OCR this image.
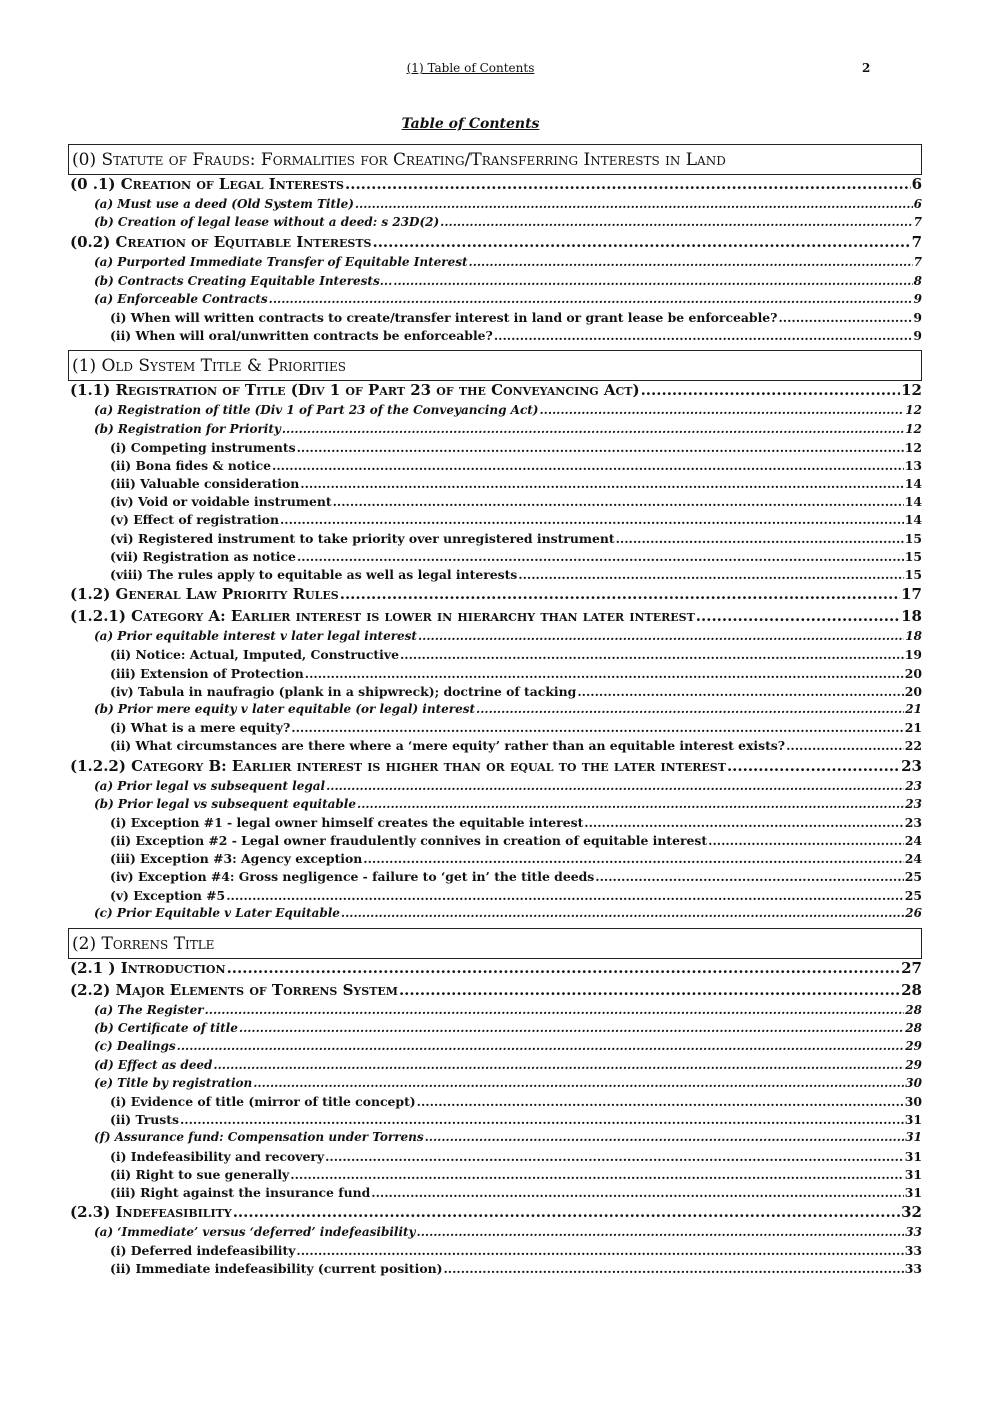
(1) Table of Contents	2
Table of Contents
(0) Statute of Frauds: Formalities for Creating/Transferring Interests in Land
(0 .1) Creation of Legal Interests .....	6
(a) Must use a deed (Old System Title) .....	6
(b) Creation of legal lease without a deed: s 23D(2) .....	7
(0.2) Creation of Equitable Interests .....	7
(a) Purported Immediate Transfer of Equitable Interest .....	7
(b) Contracts Creating Equitable Interests... .....	8
(a) Enforceable Contracts .....	9
(i) When will written contracts to create/transfer interest in land or grant lease be enforceable? .....	9
(ii) When will oral/unwritten contracts be enforceable? .....	9
(1) Old System Title & Priorities
(1.1) Registration of Title (Div 1 of Part 23 of the Conveyancing Act) .....	12
(a) Registration of title (Div 1 of Part 23 of the Conveyancing Act) .....	12
(b) Registration for Priority .....	12
(i) Competing instruments .....	12
(ii) Bona fides & notice .....	13
(iii) Valuable consideration .....	14
(iv) Void or voidable instrument .....	14
(v) Effect of registration .....	14
(vi) Registered instrument to take priority over unregistered instrument .....	15
(vii) Registration as notice .....	15
(viii) The rules apply to equitable as well as legal interests .....	15
(1.2) General Law Priority Rules .....	17
(1.2.1) Category A: Earlier interest is lower in hierarchy than later interest .....	18
(a) Prior equitable interest v later legal interest .....	18
(ii) Notice: Actual, Imputed, Constructive .....	19
(iii) Extension of Protection .....	20
(iv) Tabula in naufragio (plank in a shipwreck); doctrine of tacking .....	20
(b) Prior mere equity v later equitable (or legal) interest .....	21
(i) What is a mere equity? .....	21
(ii) What circumstances are there where a ‘mere equity’ rather than an equitable interest exists? .....	22
(1.2.2) Category B: Earlier interest is higher than or equal to the later interest .....	23
(a) Prior legal vs subsequent legal .....	23
(b) Prior legal vs subsequent equitable .....	23
(i) Exception #1 - legal owner himself creates the equitable interest .....	23
(ii) Exception #2 - Legal owner fraudulently connives in creation of equitable interest .....	24
(iii) Exception #3: Agency exception .....	24
(iv) Exception #4: Gross negligence - failure to ‘get in’ the title deeds .....	25
(v) Exception #5 .....	25
(c) Prior Equitable v Later Equitable .....	26
(2) Torrens Title
(2.1 ) Introduction .....	27
(2.2) Major Elements of Torrens System .....	28
(a) The Register .....	28
(b) Certificate of title .....	28
(c) Dealings .....	29
(d) Effect as deed .....	29
(e) Title by registration .....	30
(i) Evidence of title (mirror of title concept) .....	30
(ii) Trusts .....	31
(f) Assurance fund: Compensation under Torrens .....	31
(i) Indefeasibility and recovery .....	31
(ii) Right to sue generally .....	31
(iii) Right against the insurance fund .....	31
(2.3) Indefeasibility .....	32
(a) ‘Immediate’ versus ‘deferred’ indefeasibility .....	33
(i) Deferred indefeasibility .....	33
(ii) Immediate indefeasibility (current position) .....	33
